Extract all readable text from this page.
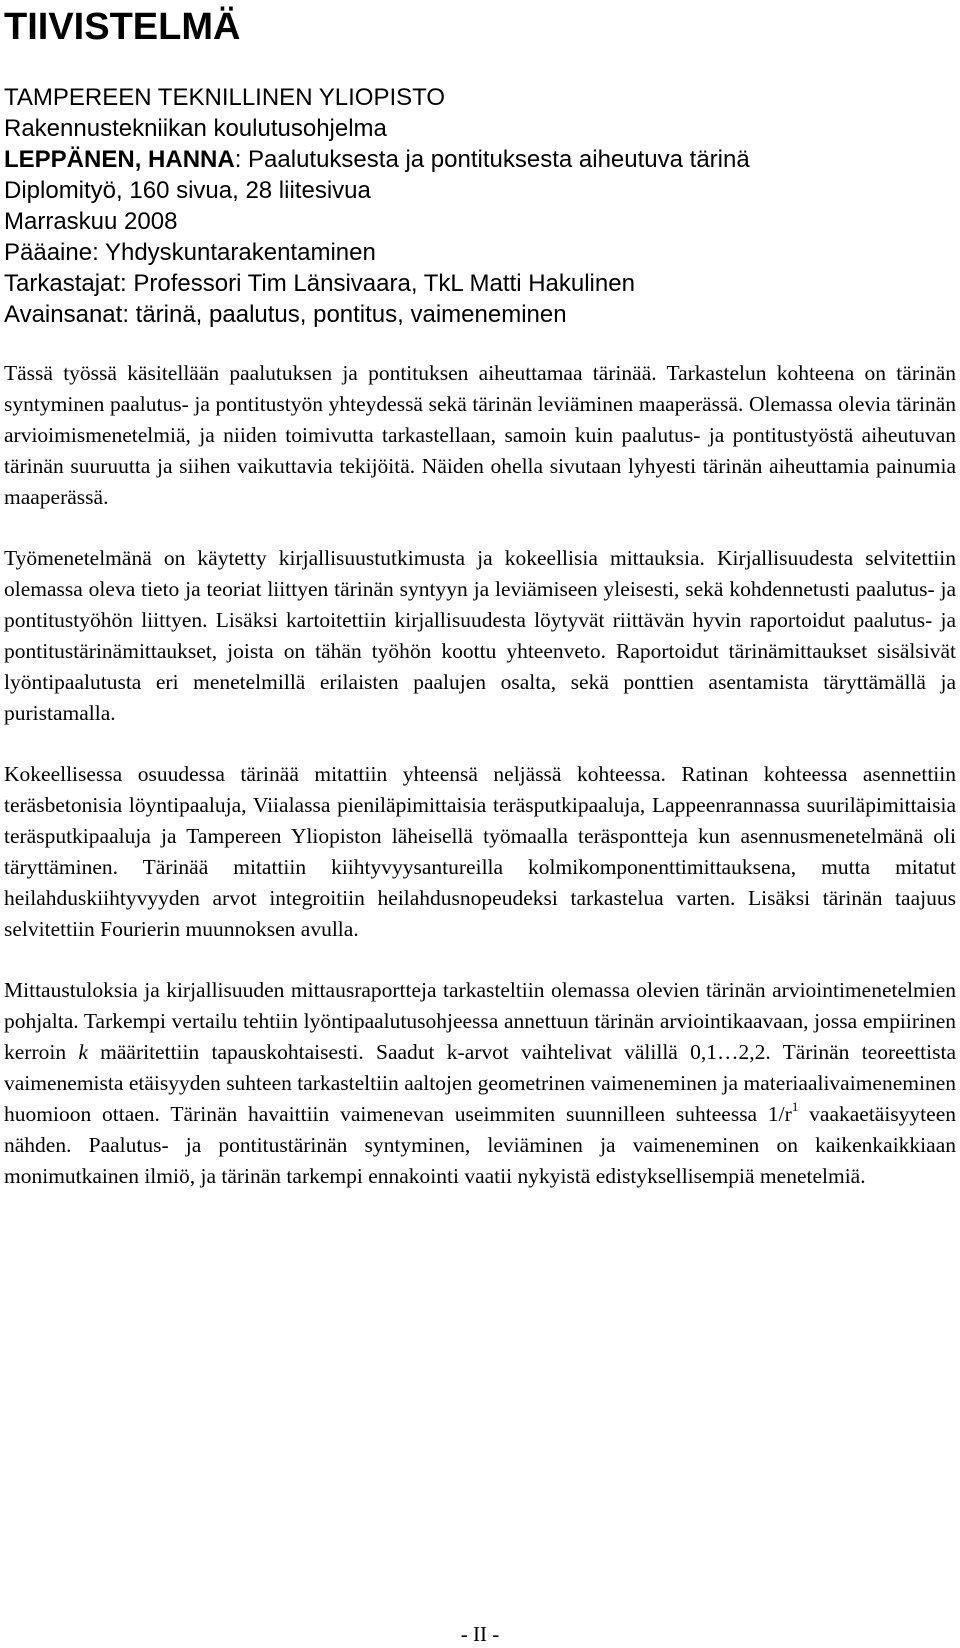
TIIVISTELMÄ
TAMPEREEN TEKNILLINEN YLIOPISTO
Rakennustekniikan koulutusohjelma
LEPPÄNEN, HANNA: Paalutuksesta ja pontituksesta aiheutuva tärinä
Diplomityö, 160 sivua, 28 liitesivua
Marraskuu 2008
Pääaine: Yhdyskuntarakentaminen
Tarkastajat: Professori Tim Länsivaara, TkL Matti Hakulinen
Avainsanat: tärinä, paalutus, pontitus, vaimeneminen

Tässä työssä käsitellään paalutuksen ja pontituksen aiheuttamaa tärinää. Tarkastelun kohteena on tärinän syntyminen paalutus- ja pontitustyön yhteydessä sekä tärinän leviäminen maaperässä. Olemassa olevia tärinän arvioimismenetelmiä, ja niiden toimivutta tarkastellaan, samoin kuin paalutus- ja pontitustyöstä aiheutuvan tärinän suuruutta ja siihen vaikuttavia tekijöitä. Näiden ohella sivutaan lyhyesti tärinän aiheuttamia painumia maaperässä.

Työmenetelmänä on käytetty kirjallisuustutkimusta ja kokeellisia mittauksia. Kirjallisuudesta selvitettiin olemassa oleva tieto ja teoriat liittyen tärinän syntyyn ja leviämiseen yleisesti, sekä kohdennetusti paalutus- ja pontitustyöhön liittyen. Lisäksi kartoitettiin kirjallisuudesta löytyvät riittävän hyvin raportoidut paalutus- ja pontitustärinämittaukset, joista on tähän työhön koottu yhteenveto. Raportoidut tärinämittaukset sisälsivät lyöntipaalutusta eri menetelmillä erilaisten paalujen osalta, sekä ponttien asentamista täryttämällä ja puristamalla.

Kokeellisessa osuudessa tärinää mitattiin yhteensä neljässä kohteessa. Ratinan kohteessa asennettiin teräsbetonisia löyntipaaluja, Viialassa pieniläpimittaisia teräsputkipaaluja, Lappeenrannassa suuriläpimittaisia teräsputkipaaluja ja Tampereen Yliopiston läheisellä työmaalla teräspontteja kun asennusmenetelmänä oli täryttäminen. Tärinää mitattiin kiihtyvyysantureilla kolmikomponenttimittauksena, mutta mitatut heilahduskiihtyvyyden arvot integroitiin heilahdusnopeudeksi tarkastelua varten. Lisäksi tärinän taajuus selvitettiin Fourierin muunnoksen avulla.

Mittaustuloksia ja kirjallisuuden mittausraportteja tarkasteltiin olemassa olevien tärinän arviointimenetelmien pohjalta. Tarkempi vertailu tehtiin lyöntipaalutusohjeessa annettuun tärinän arviointikaavaan, jossa empiirinen kerroin k määritettiin tapauskohtaisesti. Saadut k-arvot vaihtelivat välillä 0,1…2,2. Tärinän teoreettista vaimenemista etäisyyden suhteen tarkasteltiin aaltojen geometrinen vaimeneminen ja materiaalivaimeneminen huomioon ottaen. Tärinän havaittiin vaimenevan useimmiten suunnilleen suhteessa $1/r^1$ vaakaetäisyyteen nähden. Paalutus- ja pontitustärinän syntyminen, leviäminen ja vaimeneminen on kaikenkaikkiaan monimutkainen ilmiö, ja tärinän tarkempi ennakointi vaatii nykyistä edistyksellisempiä menetelmiä.

- II -
